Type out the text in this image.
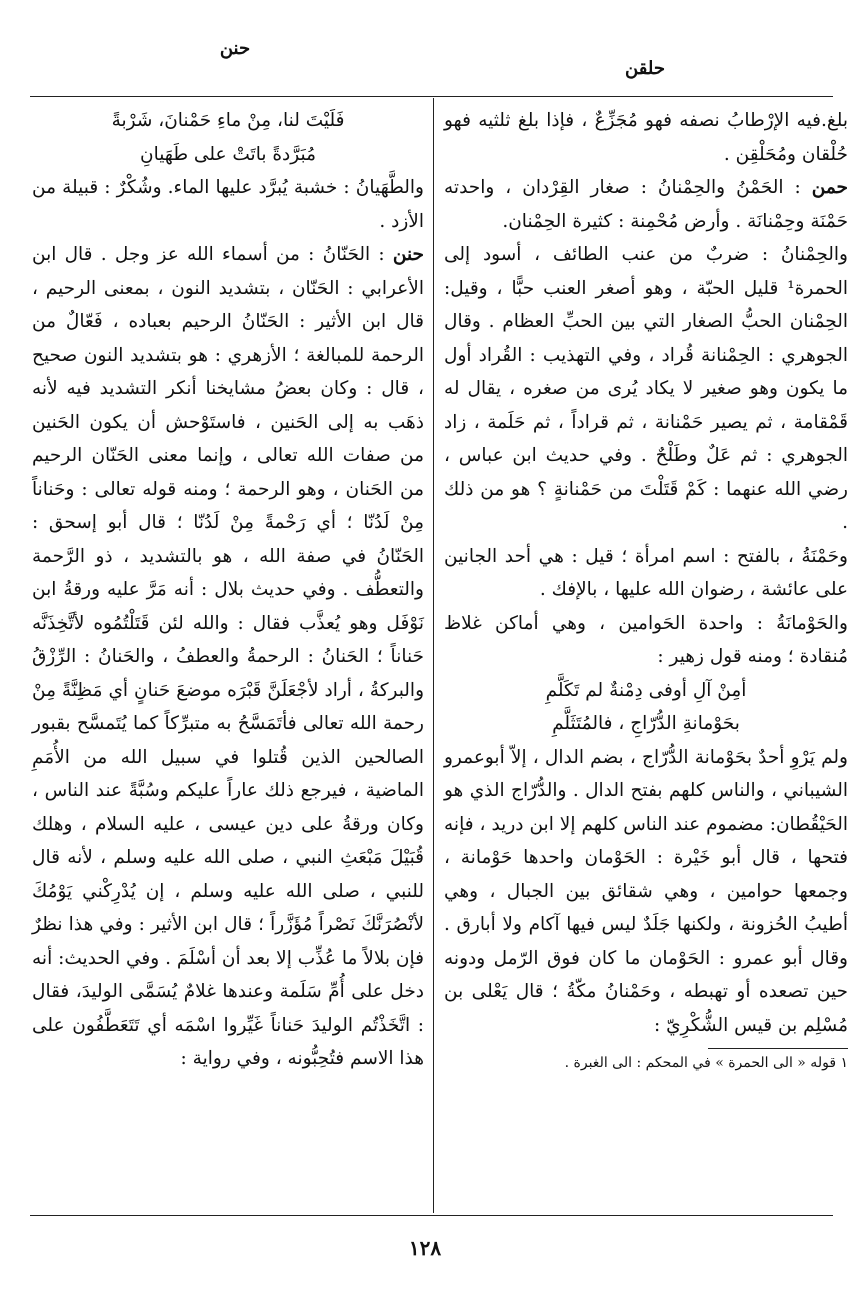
حلقن
حنن

بلغ.فيه الإرْطابُ نصفه فهو مُجَزِّعٌ ، فإذا بلغ ثلثيه فهو حُلْقان ومُحَلْقِن .

حمن : الحَمْنُ والحِمْنانُ : صغار القِرْدان ، واحدته حَمْنَة وحِمْنانَة . وأرض مُحْمِنة : كثيرة الحِمْنان.

والحِمْنانُ : ضربٌ من عنب الطائف ، أسود إلى الحمرة¹ قليل الحبّة ، وهو أصغر العنب حبًّا ، وقيل: الحِمْنان الحبُّ الصغار التي بين الحبِّ العظام . وقال الجوهري : الحِمْنانة قُراد ، وفي التهذيب : القُراد أول ما يكون وهو صغير لا يكاد يُرى من صغره ، يقال له قَمْقامة ، ثم يصير حَمْنانة ، ثم قراداً ، ثم حَلَمة ، زاد الجوهري : ثم عَلٌ وطَلْحٌ . وفي حديث ابن عباس ، رضي الله عنهما : كَمْ قَتَلْتَ من حَمْنانةٍ ؟ هو من ذلك .

وحَمْنَةُ ، بالفتح : اسم امرأة ؛ قيل : هي أحد الجانين على عائشة ، رضوان الله عليها ، بالإفك .

والحَوْمانَةُ : واحدة الحَوامين ، وهي أماكن غلاظ مُنقادة ؛ ومنه قول زهير :

أمِنْ آلِ أوفى دِمْنةٌ لم تَكَلَّمِ

بحَوْمانةِ الدُّرّاجِ ، فالمُتَثَلَّمِ

ولم يَرْوِ أحدٌ بحَوْمانة الدُّرّاج ، بضم الدال ، إلاّ أبوعمرو الشيباني ، والناس كلهم بفتح الدال . والدُّرّاج الذي هو الحَيْقُطان: مضموم عند الناس كلهم إلا ابن دريد ، فإنه فتحها ، قال أبو خَيْرة : الحَوْمان واحدها حَوْمانة ، وجمعها حوامين ، وهي شقائق بين الجبال ، وهي أطيبُ الحُزونة ، ولكنها جَلَدٌ ليس فيها آكام ولا أبارق . وقال أبو عمرو : الحَوْمان ما كان فوق الرّمل ودونه حين تصعده أو تهبطه ، وحَمْنانُ مكّةُ ؛ قال يَعْلى بن مُسْلِم بن قيس الشُّكْرِيّ :

١ قوله « الى الحمرة » في المحكم : الى الغبرة .

فَلَيْتَ لنا، مِنْ ماءِ حَمْنانَ، شَرْبةً

مُبَرَّدةً باتَتْ على طَهَيانِ

والطَّهَيانُ : خشبة يُبرَّد عليها الماء. وشُكْرٌ : قبيلة من الأزد .

حنن : الحَنّانُ : من أسماء الله عز وجل . قال ابن الأعرابي : الحَنّان ، بتشديد النون ، بمعنى الرحيم ، قال ابن الأثير : الحَنّانُ الرحيم بعباده ، فَعّالٌ من الرحمة للمبالغة ؛ الأزهري : هو بتشديد النون صحيح ، قال : وكان بعضُ مشايخنا أنكر التشديد فيه لأنه ذهَب به إلى الحَنين ، فاستَوْحش أن يكون الحَنين من صفات الله تعالى ، وإنما معنى الحَنّان الرحيم من الحَنان ، وهو الرحمة ؛ ومنه قوله تعالى : وحَناناً مِنْ لَدُنّا ؛ أي رَحْمةً مِنْ لَدُنّا ؛ قال أبو إسحق : الحَنّانُ في صفة الله ، هو بالتشديد ، ذو الرَّحمة والتعطُّف . وفي حديث بلال : أنه مَرَّ عليه ورقةُ ابن نَوْفَل وهو يُعذَّب فقال : والله لئن قَتَلْتُمُوه لأتَّخِذَنَّه حَناناً ؛ الحَنانُ : الرحمةُ والعطفُ ، والحَنانُ : الرِّزْقُ والبركةُ ، أراد لأجْعَلَنَّ قَبْرَه موضعَ حَنانٍ أي مَظِنَّةً مِنْ رحمة الله تعالى فأتَمَسَّحُ به متبرِّكاً كما يُتَمسَّح بقبور الصالحين الذين قُتلوا في سبيل الله من الأُمَمِ الماضية ، فيرجع ذلك عاراً عليكم وسُبَّةً عند الناس ، وكان ورقةُ على دين عيسى ، عليه السلام ، وهلك قُبَيْلَ مَبْعَثِ النبي ، صلى الله عليه وسلم ، لأنه قال للنبي ، صلى الله عليه وسلم ، إن يُدْرِكْني يَوْمُكَ لأنْصُرَنَّكَ نَصْراً مُؤَزَّراً ؛ قال ابن الأثير : وفي هذا نظرٌ فإن بلالاً ما عُذِّب إلا بعد أن أسْلَمَ . وفي الحديث: أنه دخل على أُمِّ سَلَمة وعندها غلامٌ يُسَمَّى الوليدَ، فقال : اتَّخَذْتُم الوليدَ حَناناً غَيِّروا اسْمَه أي تَتَعَطَّفُون على هذا الاسم فتُحِبُّونه ، وفي رواية :

١٢٨
